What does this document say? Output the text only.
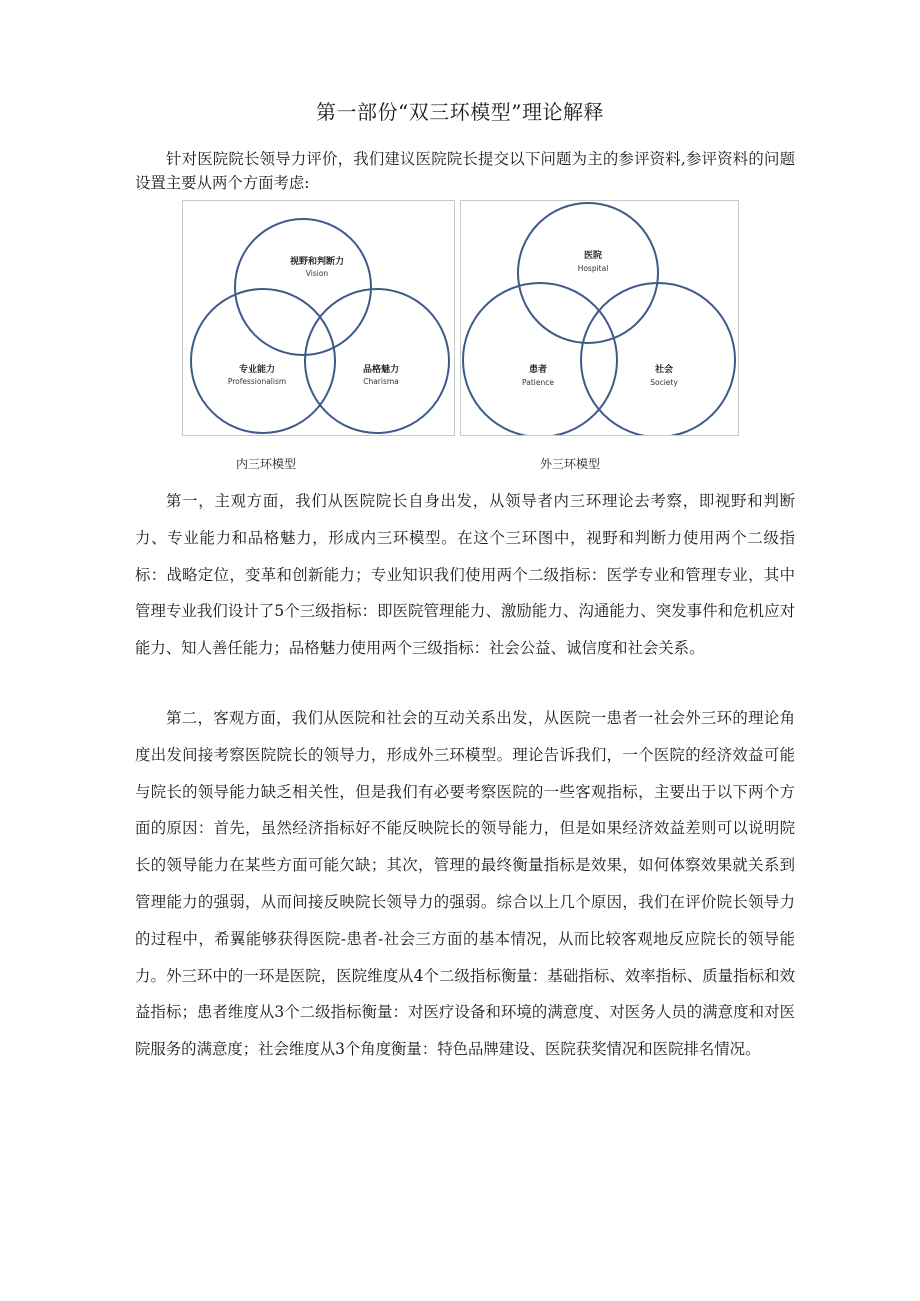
第一部份“双三环模型”理论解释

针对医院院长领导力评价，我们建议医院院长提交以下问题为主的参评资料,参评资料的问题设置主要从两个方面考虑:

视野和判断力
Vision
专业能力
Professionalism
品格魅力
Charisma
医院
Hospital
患者
Patience
社会
Society
内三环模型	外三环模型

第一，主观方面，我们从医院院长自身出发，从领导者内三环理论去考察，即视野和判断力、专业能力和品格魅力，形成内三环模型。在这个三环图中，视野和判断力使用两个二级指标：战略定位，变革和创新能力；专业知识我们使用两个二级指标：医学专业和管理专业，其中管理专业我们设计了5个三级指标：即医院管理能力、激励能力、沟通能力、突发事件和危机应对能力、知人善任能力；品格魅力使用两个三级指标：社会公益、诚信度和社会关系。

第二，客观方面，我们从医院和社会的互动关系出发，从医院一患者一社会外三环的理论角度出发间接考察医院院长的领导力，形成外三环模型。理论告诉我们，一个医院的经济效益可能与院长的领导能力缺乏相关性，但是我们有必要考察医院的一些客观指标，主要出于以下两个方面的原因：首先，虽然经济指标好不能反映院长的领导能力，但是如果经济效益差则可以说明院长的领导能力在某些方面可能欠缺；其次，管理的最终衡量指标是效果，如何体察效果就关系到管理能力的强弱，从而间接反映院长领导力的强弱。综合以上几个原因，我们在评价院长领导力的过程中，希翼能够获得医院-患者-社会三方面的基本情况，从而比较客观地反应院长的领导能力。外三环中的一环是医院，医院维度从4个二级指标衡量：基础指标、效率指标、质量指标和效益指标；患者维度从3个二级指标衡量：对医疗设备和环境的满意度、对医务人员的满意度和对医院服务的满意度；社会维度从3个角度衡量：特色品牌建设、医院获奖情况和医院排名情况。
